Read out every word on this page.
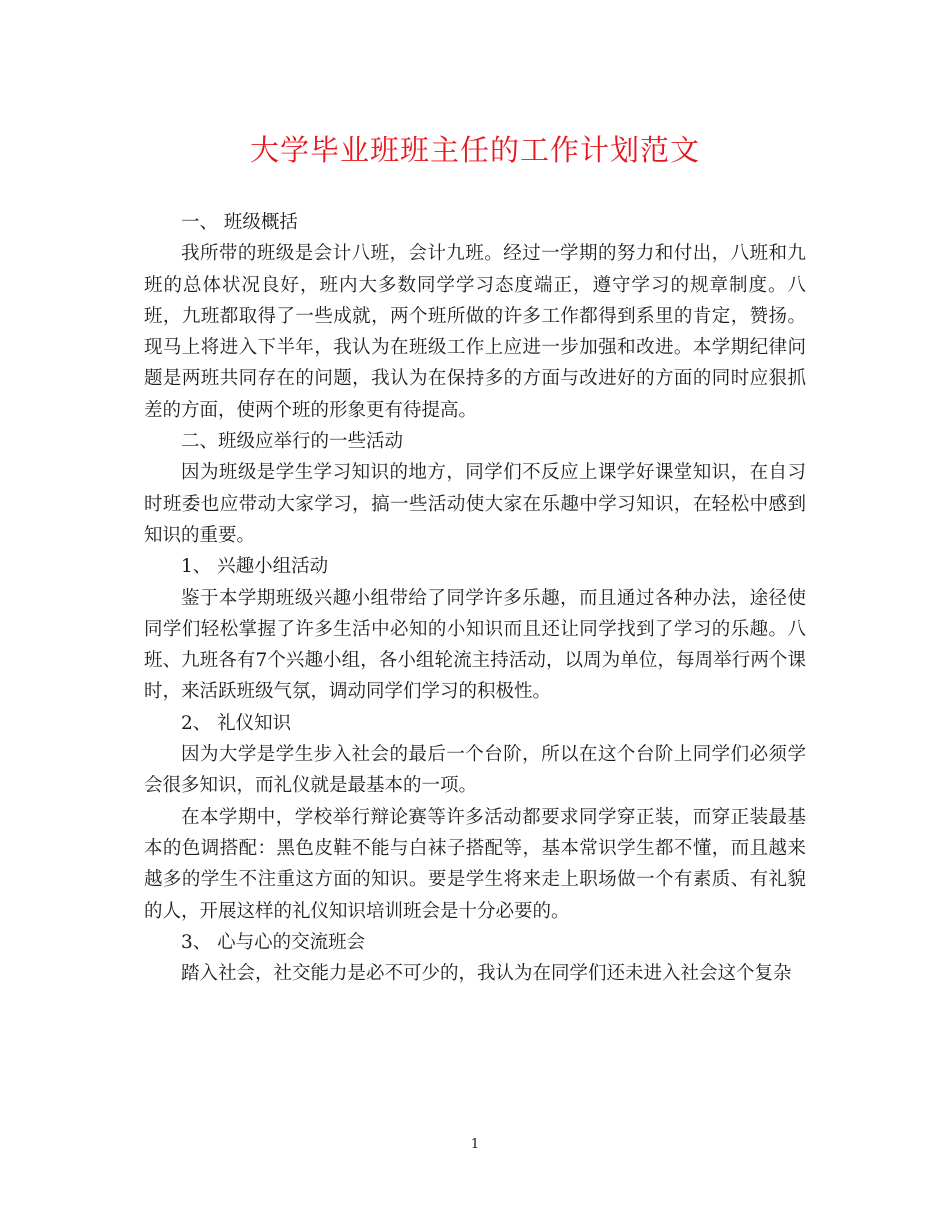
大学毕业班班主任的工作计划范文

一、 班级概括

我所带的班级是会计八班，会计九班。经过一学期的努力和付出，八班和九班的总体状况良好，班内大多数同学学习态度端正，遵守学习的规章制度。八班，九班都取得了一些成就，两个班所做的许多工作都得到系里的肯定，赞扬。现马上将进入下半年，我认为在班级工作上应进一步加强和改进。本学期纪律问题是两班共同存在的问题，我认为在保持多的方面与改进好的方面的同时应狠抓差的方面，使两个班的形象更有待提高。

二、班级应举行的一些活动

因为班级是学生学习知识的地方，同学们不反应上课学好课堂知识，在自习时班委也应带动大家学习，搞一些活动使大家在乐趣中学习知识，在轻松中感到知识的重要。

1、 兴趣小组活动

鉴于本学期班级兴趣小组带给了同学许多乐趣，而且通过各种办法，途径使同学们轻松掌握了许多生活中必知的小知识而且还让同学找到了学习的乐趣。八班、九班各有7个兴趣小组，各小组轮流主持活动，以周为单位，每周举行两个课时，来活跃班级气氛，调动同学们学习的积极性。

2、 礼仪知识

因为大学是学生步入社会的最后一个台阶，所以在这个台阶上同学们必须学会很多知识，而礼仪就是最基本的一项。

在本学期中，学校举行辩论赛等许多活动都要求同学穿正装，而穿正装最基本的色调搭配：黑色皮鞋不能与白袜子搭配等，基本常识学生都不懂，而且越来越多的学生不注重这方面的知识。要是学生将来走上职场做一个有素质、有礼貌的人，开展这样的礼仪知识培训班会是十分必要的。

3、 心与心的交流班会

踏入社会，社交能力是必不可少的，我认为在同学们还未进入社会这个复杂

1
